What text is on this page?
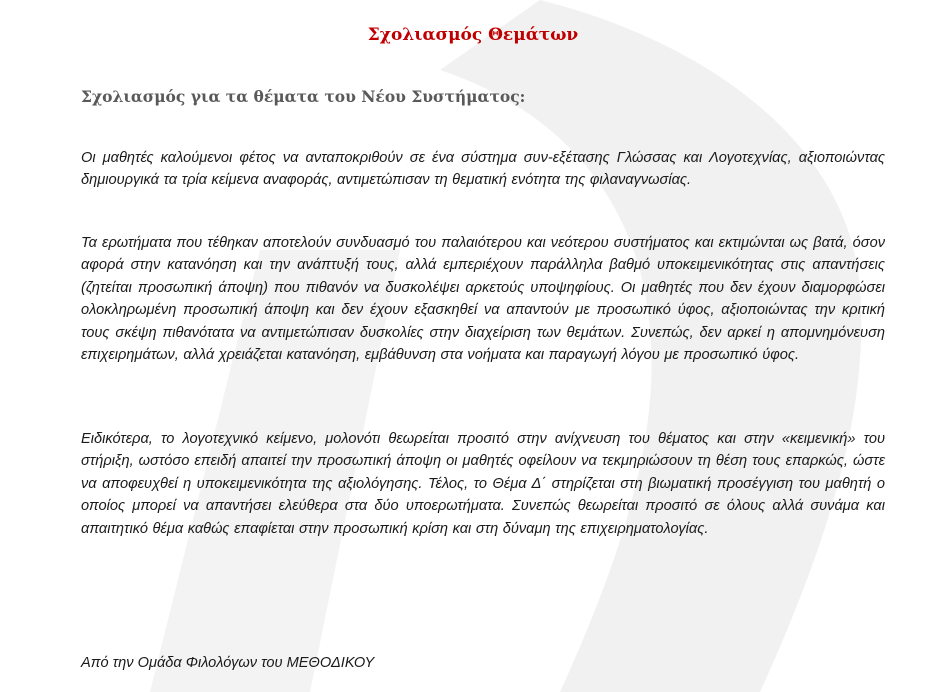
Σχολιασμός Θεμάτων
Σχολιασμός για τα θέματα του Νέου Συστήματος:

Οι μαθητές καλούμενοι φέτος να ανταποκριθούν σε ένα σύστημα συν-εξέτασης Γλώσσας και Λογοτεχνίας, αξιοποιώντας δημιουργικά τα τρία κείμενα αναφοράς, αντιμετώπισαν τη θεματική ενότητα της φιλαναγνωσίας.

Τα ερωτήματα που τέθηκαν αποτελούν συνδυασμό του παλαιότερου και νεότερου συστήματος και εκτιμώνται ως βατά, όσον αφορά στην κατανόηση και την ανάπτυξή τους, αλλά εμπεριέχουν παράλληλα βαθμό υποκειμενικότητας στις απαντήσεις (ζητείται προσωπική άποψη) που πιθανόν να δυσκολέψει αρκετούς υποψηφίους. Οι μαθητές που δεν έχουν διαμορφώσει ολοκληρωμένη προσωπική άποψη και δεν έχουν εξασκηθεί να απαντούν με προσωπικό ύφος, αξιοποιώντας την κριτική τους σκέψη πιθανότατα να αντιμετώπισαν δυσκολίες στην διαχείριση των θεμάτων. Συνεπώς, δεν αρκεί η απομνημόνευση επιχειρημάτων, αλλά χρειάζεται κατανόηση, εμβάθυνση στα νοήματα και παραγωγή λόγου με προσωπικό ύφος.

Ειδικότερα, το λογοτεχνικό κείμενο, μολονότι θεωρείται προσιτό στην ανίχνευση του θέματος και στην «κειμενική» του στήριξη, ωστόσο επειδή απαιτεί την προσωπική άποψη οι μαθητές οφείλουν να τεκμηριώσουν τη θέση τους επαρκώς, ώστε να αποφευχθεί η υποκειμενικότητα της αξιολόγησης. Τέλος, το Θέμα Δ΄ στηρίζεται στη βιωματική προσέγγιση του μαθητή ο οποίος μπορεί να απαντήσει ελεύθερα στα δύο υποερωτήματα. Συνεπώς θεωρείται προσιτό σε όλους αλλά συνάμα και απαιτητικό θέμα καθώς επαφίεται στην προσωπική κρίση και στη δύναμη της επιχειρηματολογίας.

Από την Ομάδα Φιλολόγων του ΜΕΘΟΔΙΚΟΥ
